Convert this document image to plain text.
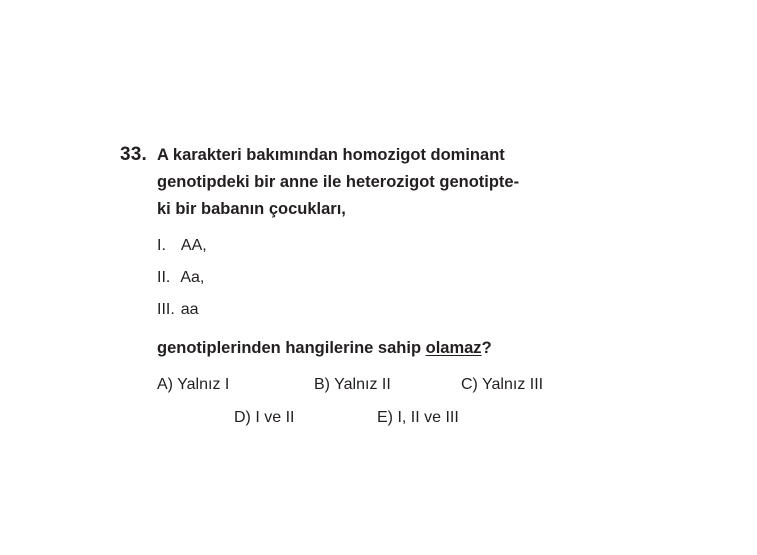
33. A karakteri bakımından homozigot dominant
genotipdeki bir anne ile heterozigot genotipte-
ki bir babanın çocukları,
I. AA,
II. Aa,
III. aa
genotiplerinden hangilerine sahip olamaz?
A) Yalnız I	B) Yalnız II	C) Yalnız III
D) I ve II	E) I, II ve III
